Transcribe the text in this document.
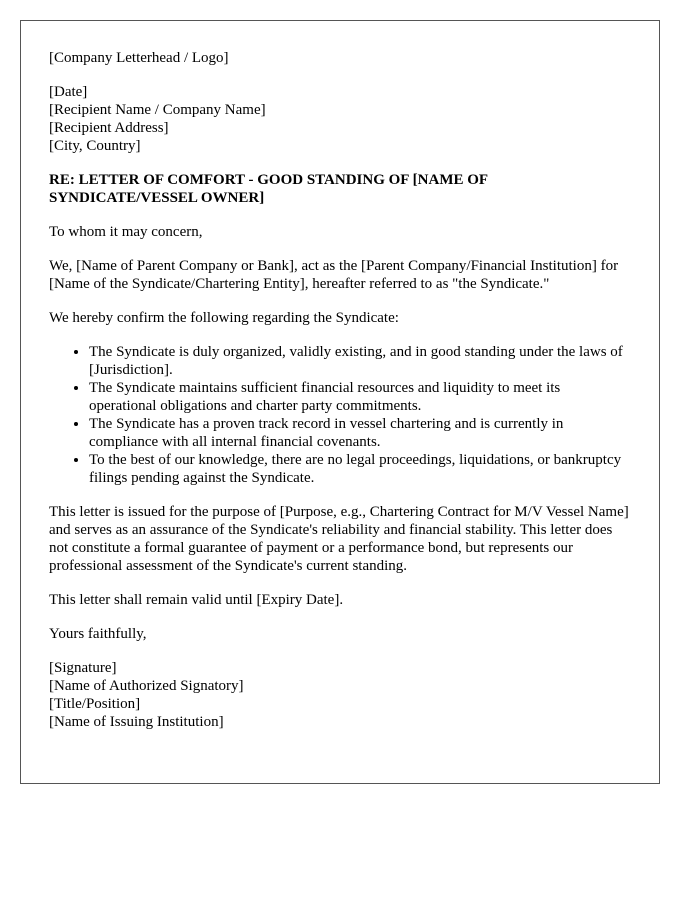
[Company Letterhead / Logo]

[Date]
[Recipient Name / Company Name]
[Recipient Address]
[City, Country]

RE: LETTER OF COMFORT - GOOD STANDING OF [NAME OF SYNDICATE/VESSEL OWNER]

To whom it may concern,

We, [Name of Parent Company or Bank], act as the [Parent Company/Financial Institution] for [Name of the Syndicate/Chartering Entity], hereafter referred to as "the Syndicate."

We hereby confirm the following regarding the Syndicate:

• The Syndicate is duly organized, validly existing, and in good standing under the laws of [Jurisdiction].
• The Syndicate maintains sufficient financial resources and liquidity to meet its operational obligations and charter party commitments.
• The Syndicate has a proven track record in vessel chartering and is currently in compliance with all internal financial covenants.
• To the best of our knowledge, there are no legal proceedings, liquidations, or bankruptcy filings pending against the Syndicate.

This letter is issued for the purpose of [Purpose, e.g., Chartering Contract for M/V Vessel Name] and serves as an assurance of the Syndicate's reliability and financial stability. This letter does not constitute a formal guarantee of payment or a performance bond, but represents our professional assessment of the Syndicate's current standing.

This letter shall remain valid until [Expiry Date].

Yours faithfully,

[Signature]
[Name of Authorized Signatory]
[Title/Position]
[Name of Issuing Institution]
